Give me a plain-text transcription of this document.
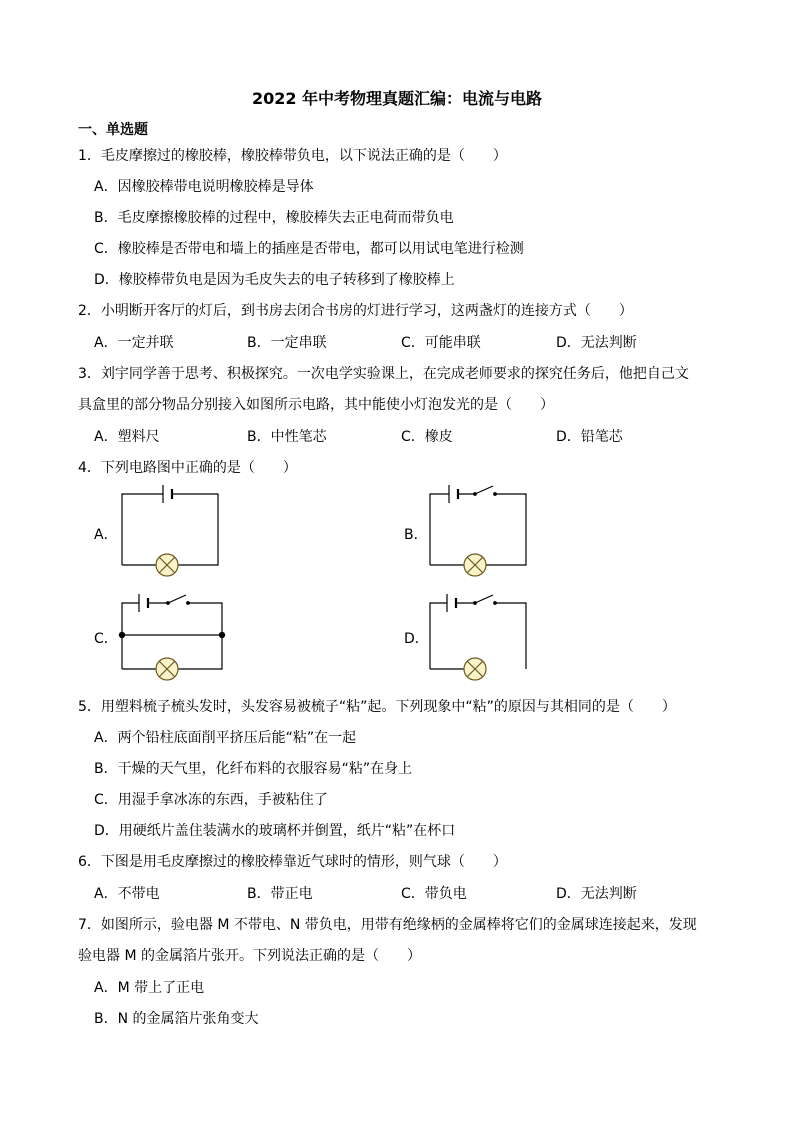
2022 年中考物理真题汇编：电流与电路
一、单选题
1．毛皮摩擦过的橡胶棒，橡胶棒带负电，以下说法正确的是（　　）
A．因橡胶棒带电说明橡胶棒是导体
B．毛皮摩擦橡胶棒的过程中，橡胶棒失去正电荷而带负电
C．橡胶棒是否带电和墙上的插座是否带电，都可以用试电笔进行检测
D．橡胶棒带负电是因为毛皮失去的电子转移到了橡胶棒上
2．小明断开客厅的灯后，到书房去闭合书房的灯进行学习，这两盏灯的连接方式（　　）
A．一定并联	B．一定串联	C．可能串联	D．无法判断
3．刘宇同学善于思考、积极探究。一次电学实验课上，在完成老师要求的探究任务后，他把自己文
具盒里的部分物品分别接入如图所示电路，其中能使小灯泡发光的是（　　）
A．塑料尺	B．中性笔芯	C．橡皮	D．铅笔芯
4．下列电路图中正确的是（　　）
A．	B．
C．	D．
5．用塑料梳子梳头发时，头发容易被梳子“粘”起。下列现象中“粘”的原因与其相同的是（　　）
A．两个铅柱底面削平挤压后能“粘”在一起
B．干燥的天气里，化纤布料的衣服容易“粘”在身上
C．用湿手拿冰冻的东西，手被粘住了
D．用硬纸片盖住装满水的玻璃杯并倒置，纸片“粘”在杯口
6．下图是用毛皮摩擦过的橡胶棒靠近气球时的情形，则气球（　　）
A．不带电	B．带正电	C．带负电	D．无法判断
7．如图所示，验电器 M 不带电、N 带负电，用带有绝缘柄的金属棒将它们的金属球连接起来，发现
验电器 M 的金属箔片张开。下列说法正确的是（　　）
A．M 带上了正电
B．N 的金属箔片张角变大
